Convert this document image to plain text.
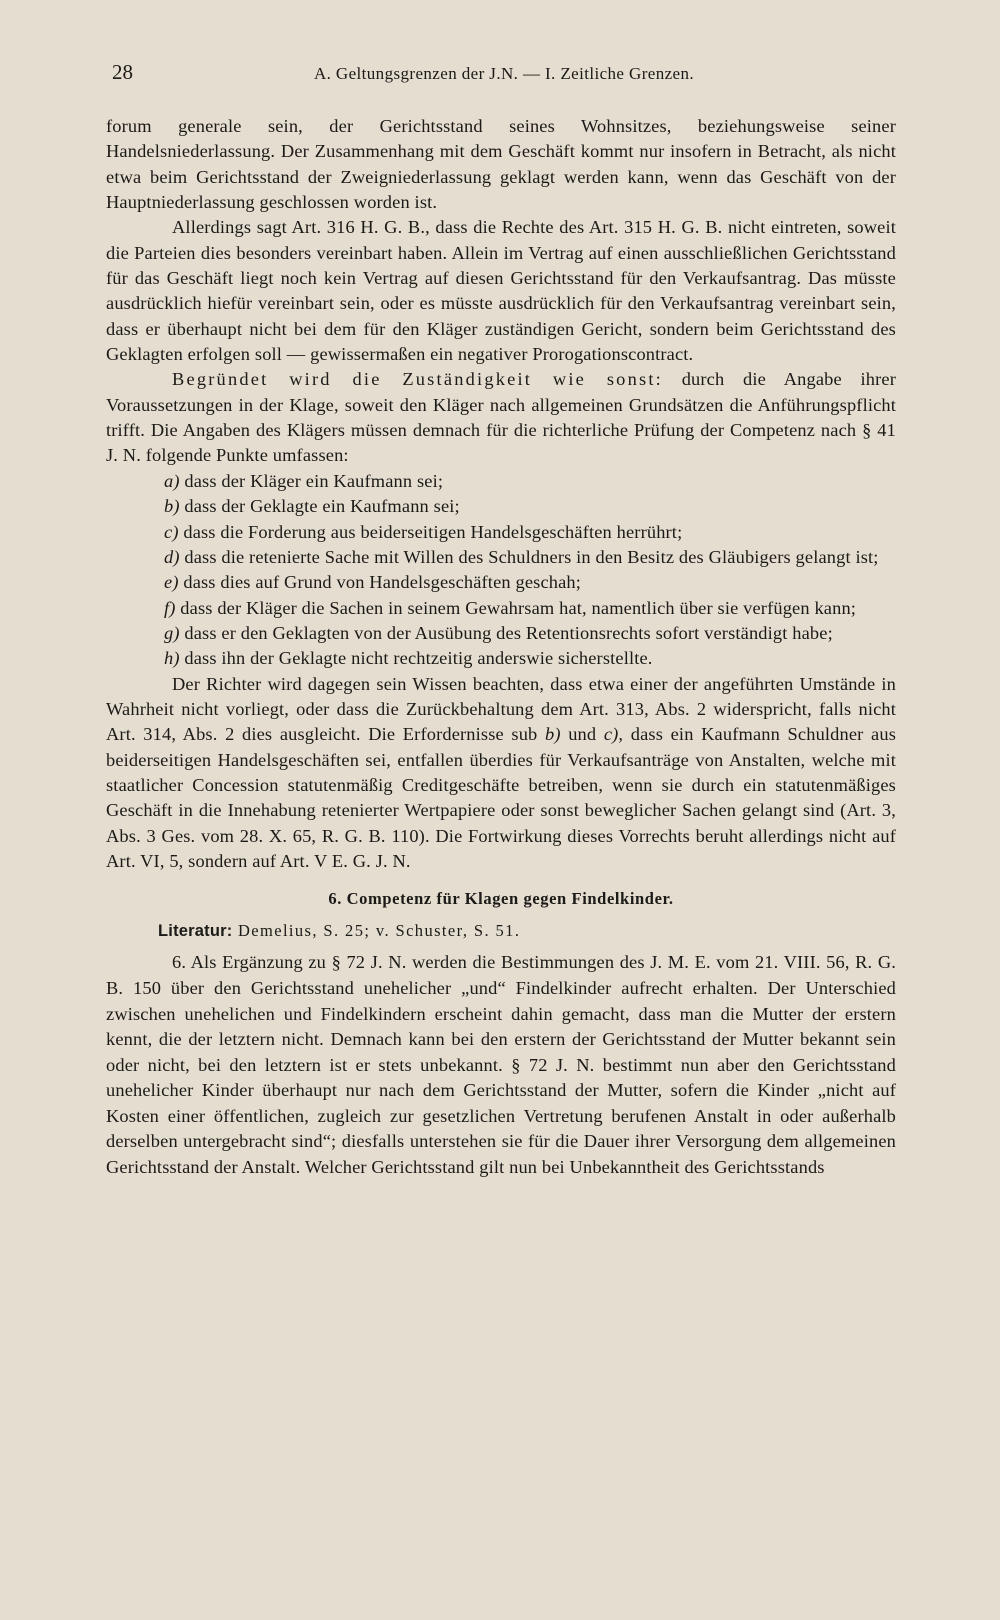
28	A. Geltungsgrenzen der J.N. — I. Zeitliche Grenzen.

forum generale sein, der Gerichtsstand seines Wohnsitzes, beziehungsweise seiner Handelsniederlassung. Der Zusammenhang mit dem Geschäft kommt nur insofern in Betracht, als nicht etwa beim Gerichtsstand der Zweigniederlassung geklagt werden kann, wenn das Geschäft von der Hauptniederlassung geschlossen worden ist.

Allerdings sagt Art. 316 H. G. B., dass die Rechte des Art. 315 H. G. B. nicht eintreten, soweit die Parteien dies besonders vereinbart haben. Allein im Vertrag auf einen ausschließlichen Gerichtsstand für das Geschäft liegt noch kein Vertrag auf diesen Gerichtsstand für den Verkaufsantrag. Das müsste ausdrücklich hiefür vereinbart sein, oder es müsste ausdrücklich für den Verkaufsantrag vereinbart sein, dass er überhaupt nicht bei dem für den Kläger zuständigen Gericht, sondern beim Gerichtsstand des Geklagten erfolgen soll — gewissermaßen ein negativer Prorogationscontract.

Begründet wird die Zuständigkeit wie sonst: durch die Angabe ihrer Voraussetzungen in der Klage, soweit den Kläger nach allgemeinen Grundsätzen die Anführungspflicht trifft. Die Angaben des Klägers müssen demnach für die richterliche Prüfung der Competenz nach § 41 J. N. folgende Punkte umfassen:

a) dass der Kläger ein Kaufmann sei;

b) dass der Geklagte ein Kaufmann sei;

c) dass die Forderung aus beiderseitigen Handelsgeschäften herrührt;

d) dass die retenierte Sache mit Willen des Schuldners in den Besitz des Gläubigers gelangt ist;

e) dass dies auf Grund von Handelsgeschäften geschah;

f) dass der Kläger die Sachen in seinem Gewahrsam hat, namentlich über sie verfügen kann;

g) dass er den Geklagten von der Ausübung des Retentionsrechts sofort verständigt habe;

h) dass ihn der Geklagte nicht rechtzeitig anderswie sicherstellte.

Der Richter wird dagegen sein Wissen beachten, dass etwa einer der angeführten Umstände in Wahrheit nicht vorliegt, oder dass die Zurückbehaltung dem Art. 313, Abs. 2 widerspricht, falls nicht Art. 314, Abs. 2 dies ausgleicht. Die Erfordernisse sub b) und c), dass ein Kaufmann Schuldner aus beiderseitigen Handelsgeschäften sei, entfallen überdies für Verkaufsanträge von Anstalten, welche mit staatlicher Concession statutenmäßig Creditgeschäfte betreiben, wenn sie durch ein statutenmäßiges Geschäft in die Innehabung retenierter Wertpapiere oder sonst beweglicher Sachen gelangt sind (Art. 3, Abs. 3 Ges. vom 28. X. 65, R. G. B. 110). Die Fortwirkung dieses Vorrechts beruht allerdings nicht auf Art. VI, 5, sondern auf Art. V E. G. J. N.

6. Competenz für Klagen gegen Findelkinder.
Literatur: Demelius, S. 25; v. Schuster, S. 51.

6. Als Ergänzung zu § 72 J. N. werden die Bestimmungen des J. M. E. vom 21. VIII. 56, R. G. B. 150 über den Gerichtsstand unehelicher „und“ Findelkinder aufrecht erhalten. Der Unterschied zwischen unehelichen und Findelkindern erscheint dahin gemacht, dass man die Mutter der erstern kennt, die der letztern nicht. Demnach kann bei den erstern der Gerichtsstand der Mutter bekannt sein oder nicht, bei den letztern ist er stets unbekannt. § 72 J. N. bestimmt nun aber den Gerichtsstand unehelicher Kinder überhaupt nur nach dem Gerichtsstand der Mutter, sofern die Kinder „nicht auf Kosten einer öffentlichen, zugleich zur gesetzlichen Vertretung berufenen Anstalt in oder außerhalb derselben untergebracht sind“; diesfalls unterstehen sie für die Dauer ihrer Versorgung dem allgemeinen Gerichtsstand der Anstalt. Welcher Gerichtsstand gilt nun bei Unbekanntheit des Gerichtsstands
